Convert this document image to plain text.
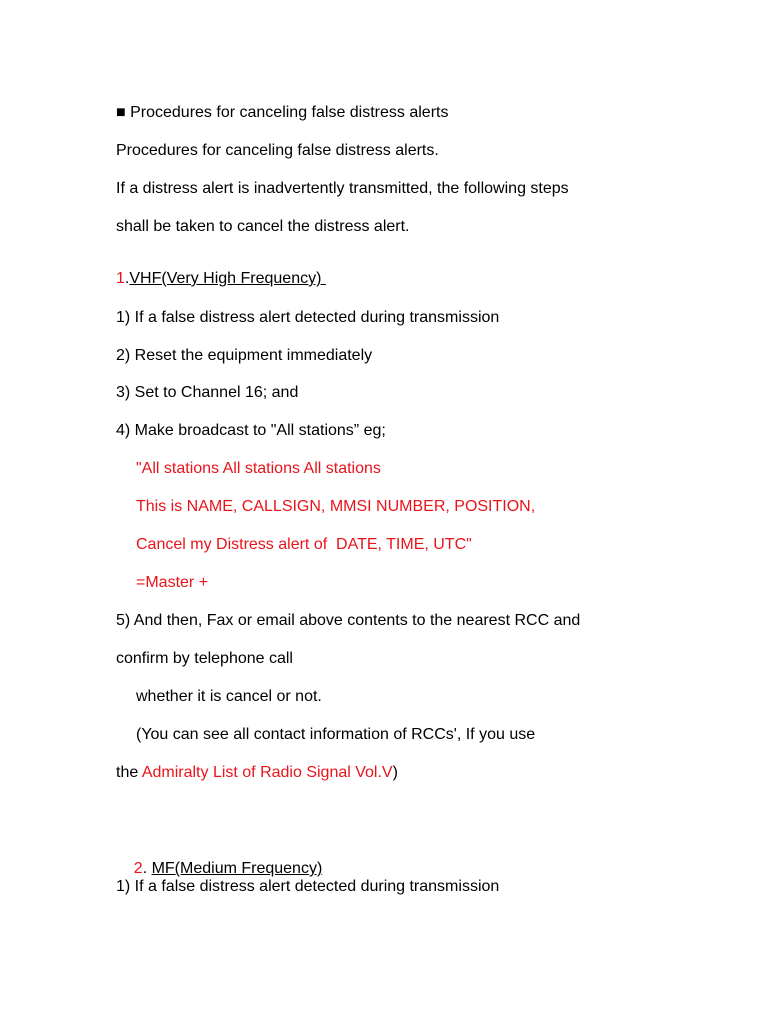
■ Procedures for canceling false distress alerts
Procedures for canceling false distress alerts.
If a distress alert is inadvertently transmitted, the following steps
shall be taken to cancel the distress alert.
1.VHF(Very High Frequency)
1) If a false distress alert detected during transmission
2) Reset the equipment immediately
3) Set to Channel 16; and
4) Make broadcast to "All stations” eg;
"All stations All stations All stations
This is NAME, CALLSIGN, MMSI NUMBER, POSITION,
Cancel my Distress alert of  DATE, TIME, UTC"
=Master +
5) And then, Fax or email above contents to the nearest RCC and
confirm by telephone call
whether it is cancel or not.
(You can see all contact information of RCCs', If you use
the Admiralty List of Radio Signal Vol.V)

2. MF(Medium Frequency)

1) If a false distress alert detected during transmission
